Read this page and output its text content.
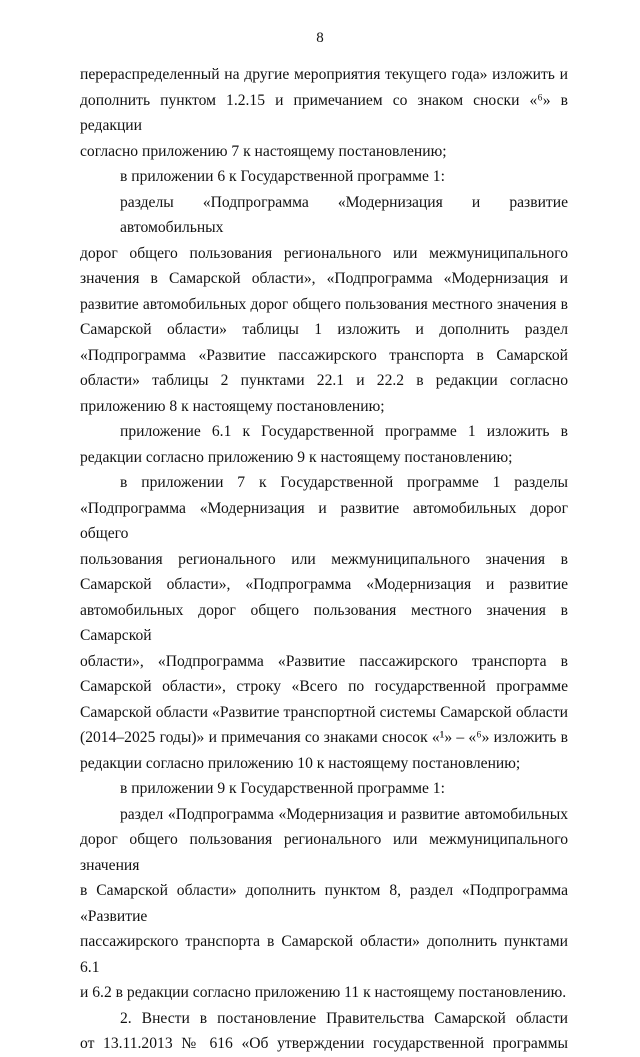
8
перераспределенный на другие мероприятия текущего года» изложить и
дополнить пунктом 1.2.15 и примечанием со знаком сноски «⁶» в редакции
согласно приложению 7 к настоящему постановлению;
в приложении 6 к Государственной программе 1:
разделы «Подпрограмма «Модернизация и развитие автомобильных
дорог общего пользования регионального или межмуниципального
значения в Самарской области», «Подпрограмма «Модернизация и
развитие автомобильных дорог общего пользования местного значения в
Самарской области» таблицы 1 изложить и дополнить раздел
«Подпрограмма «Развитие пассажирского транспорта в Самарской
области» таблицы 2 пунктами 22.1 и 22.2 в редакции согласно
приложению 8 к настоящему постановлению;
приложение 6.1 к Государственной программе 1 изложить в
редакции согласно приложению 9 к настоящему постановлению;
в приложении 7 к Государственной программе 1 разделы
«Подпрограмма «Модернизация и развитие автомобильных дорог общего
пользования регионального или межмуниципального значения в
Самарской области», «Подпрограмма «Модернизация и развитие
автомобильных дорог общего пользования местного значения в Самарской
области», «Подпрограмма «Развитие пассажирского транспорта в
Самарской области», строку «Всего по государственной программе
Самарской области «Развитие транспортной системы Самарской области
(2014–2025 годы)» и примечания со знаками сносок «¹» – «⁶» изложить в
редакции согласно приложению 10 к настоящему постановлению;
в приложении 9 к Государственной программе 1:
раздел «Подпрограмма «Модернизация и развитие автомобильных
дорог общего пользования регионального или межмуниципального значения
в Самарской области» дополнить пунктом 8, раздел «Подпрограмма «Развитие
пассажирского транспорта в Самарской области» дополнить пунктами 6.1
и 6.2 в редакции согласно приложению 11 к настоящему постановлению.
2. Внести в постановление Правительства Самарской области
от 13.11.2013 № 616 «Об утверждении государственной программы
